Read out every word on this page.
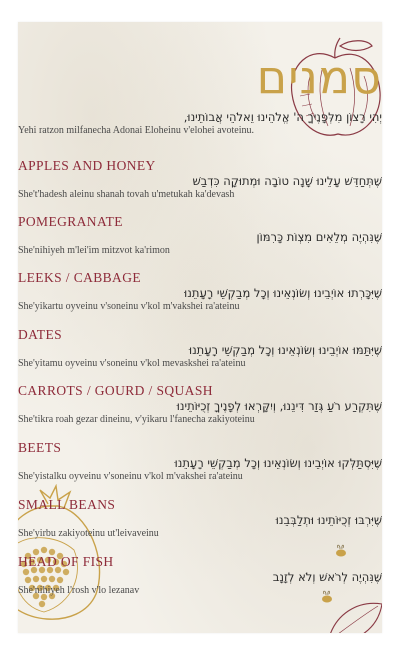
סמנים
יְהִי רָצוֹן מִלְּפָנֶיךָ ה' אֱלֹהֵינוּ וֵאלֹהֵי אֲבוֹתֵינוּ,
Yehi ratzon milfanecha Adonai Eloheinu v'elohei avoteinu.
APPLES AND HONEY
שֶׁתְּחַדֵּשׁ עָלֵינוּ שָׁנָה טוֹבָה וּמְתוּקָה כִּדְבַשׁ
She't'hadesh aleinu shanah tovah u'metukah ka'devash
POMEGRANATE
שֶׁנִּהְיֶה מְלֵאִים מִצְוֹת כָּרִמּוֹן
She'nihiyeh m'lei'im mitzvot ka'rimon
LEEKS / CABBAGE
שֶׁיִּכָּרְתוּ אוֹיְבֵינוּ וְשׂוֹנְאֵינוּ וְכָל מְבַקְשֵׁי רָעָתֵנוּ
She'yikartu oyveinu v'soneinu v'kol m'vakshei ra'ateinu
DATES
שֶׁיִּתַּמּוּ אוֹיְבֵינוּ וְשׂוֹנְאֵינוּ וְכָל מְבַקְשֵׁי רָעָתֵנוּ
She'yitamu oyveinu v'soneinu v'kol mevaskshei ra'ateinu
CARROTS / GOURD / SQUASH
שֶׁתִּקְרַע רֹעַ גְּזַר דִּינֵנוּ, וְיִקָּרְאוּ לְפָנֶיךָ זְכֻיּוֹתֵינוּ
She'tikra roah gezar dineinu, v'yikaru l'fanecha zakiyoteinu
BEETS
שֶׁיִּסְתַּלְּקוּ אוֹיְבֵינוּ וְשׂוֹנְאֵינוּ וְכָל מְבַקְשֵׁי רָעָתֵנוּ
She'yistalku oyveinu v'soneinu v'kol m'vakshei ra'ateinu
SMALL BEANS
שֶׁיִּרְבּוּ זְכֻיּוֹתֵינוּ וּתְלַבְּבֵנוּ
She'yirbu zakiyoteinu ut'leivaveinu
HEAD OF FISH
שֶׁנִּהְיֶה לְרֹאשׁ וְלֹא לְזָנָב
She'nihiyeh l'rosh v'lo lezanav
